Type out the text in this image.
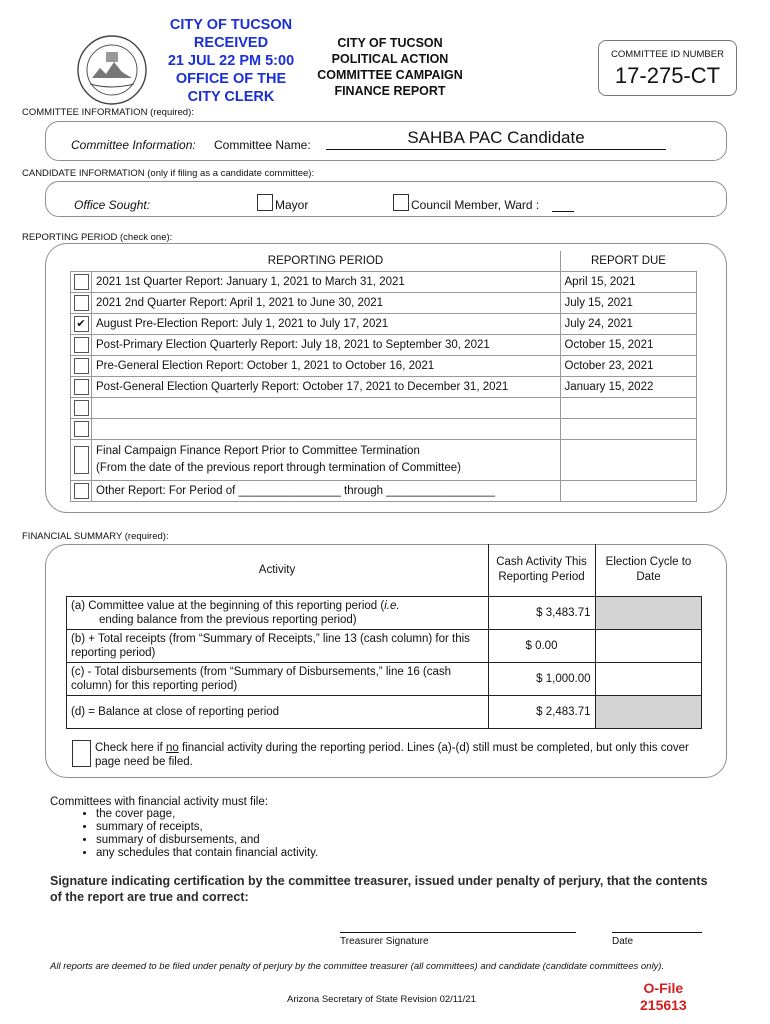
CITY OF TUCSON
RECEIVED
21 JUL 22 PM 5:00
OFFICE OF THE
CITY CLERK
CITY OF TUCSON
POLITICAL ACTION
COMMITTEE CAMPAIGN
FINANCE REPORT
COMMITTEE ID NUMBER
17-275-CT
COMMITTEE INFORMATION (required):
Committee Information: Committee Name:	SAHBA PAC Candidate
CANDIDATE INFORMATION (only if filing as a candidate committee):
Office Sought:	Mayor	Council Member, Ward :
REPORTING PERIOD (check one):
	REPORTING PERIOD	REPORT DUE
	2021 1st Quarter Report: January 1, 2021 to March 31, 2021	April 15, 2021
	2021 2nd Quarter Report: April 1, 2021 to June 30, 2021	July 15, 2021
✔	August Pre-Election Report: July 1, 2021 to July 17, 2021	July 24, 2021
	Post-Primary Election Quarterly Report: July 18, 2021 to September 30, 2021	October 15, 2021
	Pre-General Election Report: October 1, 2021 to October 16, 2021	October 23, 2021
	Post-General Election Quarterly Report: October 17, 2021 to December 31, 2021	January 15, 2022

	Final Campaign Finance Report Prior to Committee Termination
(From the date of the previous report through termination of Committee)	

	Other Report: For Period of ________________ through _________________	
FINANCIAL SUMMARY (required):
Activity	Cash Activity This Reporting Period	Election Cycle to Date
(a) Committee value at the beginning of this reporting period (i.e.
ending balance from the previous reporting period)	$ 3,483.71	
(b) + Total receipts (from “Summary of Receipts,” line 13 (cash column) for this reporting period)	$ 0.00	
(c) - Total disbursements (from “Summary of Disbursements,” line 16 (cash column) for this reporting period)	$ 1,000.00	
(d) = Balance at close of reporting period	$ 2,483.71	
Check here if no financial activity during the reporting period. Lines (a)-(d) still must be completed, but only this cover page need be filed.
Committees with financial activity must file:
• the cover page,
• summary of receipts,
• summary of disbursements, and
• any schedules that contain financial activity.
Signature indicating certification by the committee treasurer, issued under penalty of perjury, that the contents of the report are true and correct:
Treasurer Signature	Date
All reports are deemed to be filed under penalty of perjury by the committee treasurer (all committees) and candidate (candidate committees only).
Arizona Secretary of State Revision 02/11/21
O-File
215613
